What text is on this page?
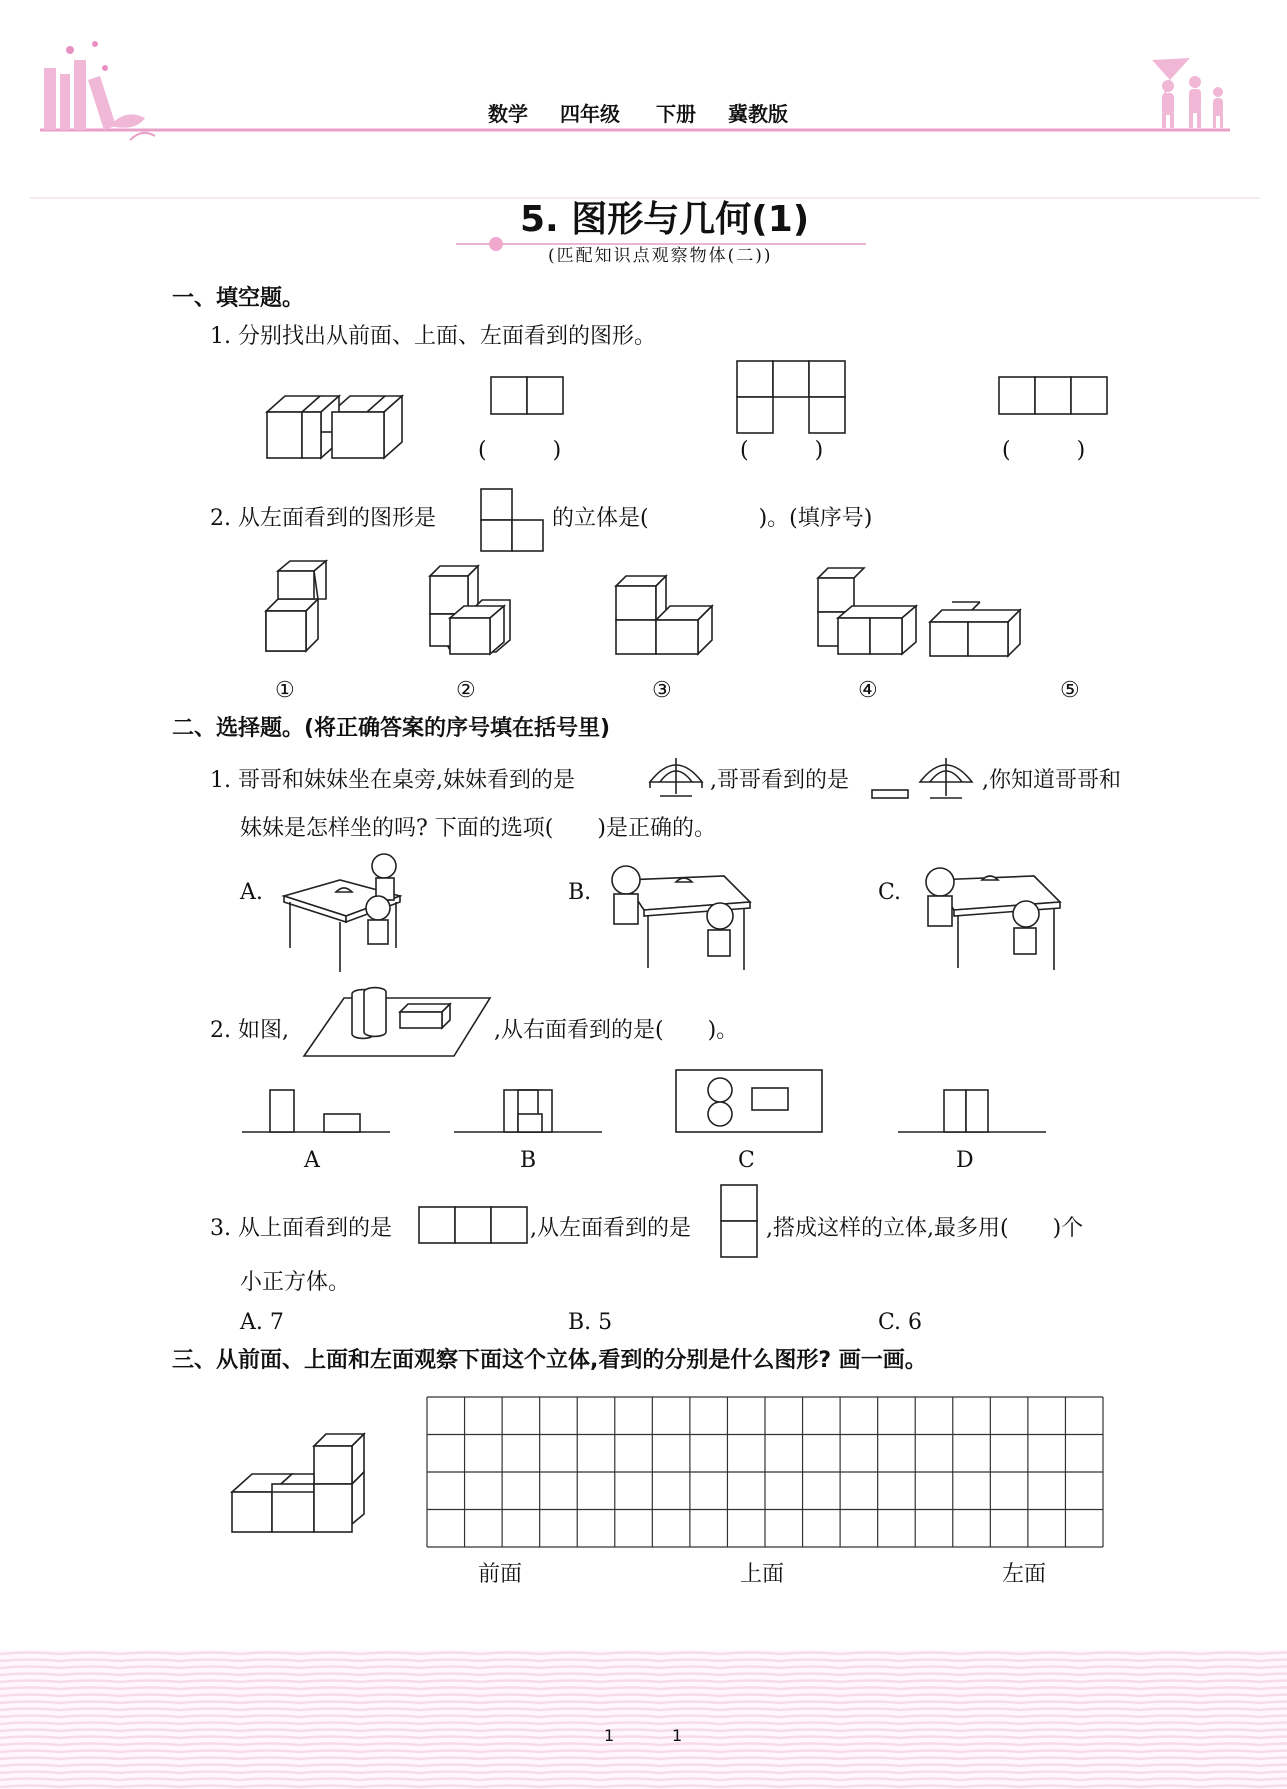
数学 四年级 下册 冀教版
5. 图形与几何(1)
(匹配知识点观察物体(二))
一、填空题。
1. 分别找出从前面、上面、左面看到的图形。
(　　　)	(　　　)	(　　　)
2. 从左面看到的图形是	的立体是(　　　　　)。(填序号)
①	②	③	④	⑤
二、选择题。(将正确答案的序号填在括号里)
1. 哥哥和妹妹坐在桌旁,妹妹看到的是	,哥哥看到的是	,你知道哥哥和
妹妹是怎样坐的吗? 下面的选项(　　)是正确的。
A.	B.	C.
2. 如图,	,从右面看到的是(　　)。
A	B	C	D
3. 从上面看到的是	,从左面看到的是	,搭成这样的立体,最多用(　　)个
小正方体。
A. 7	B. 5	C. 6
三、从前面、上面和左面观察下面这个立体,看到的分别是什么图形? 画一画。
前面	上面	左面
1	1
